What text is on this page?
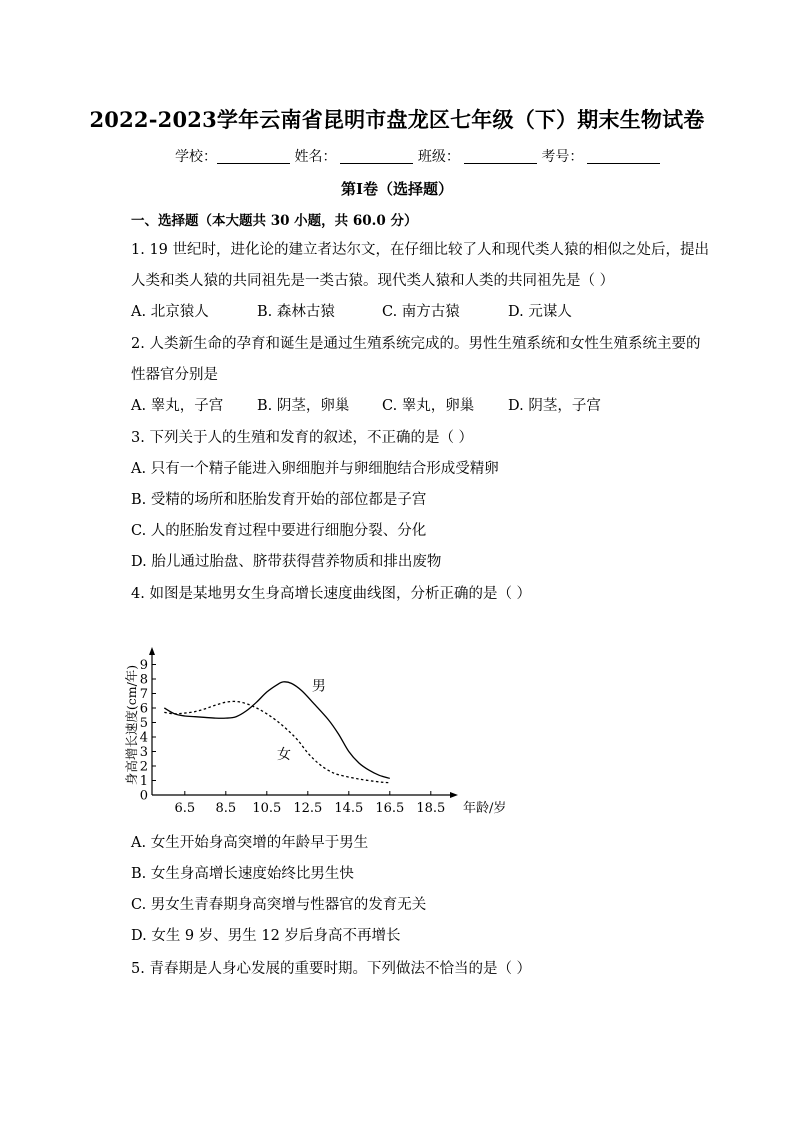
2022-2023学年云南省昆明市盘龙区七年级（下）期末生物试卷
学校：	姓名：	班级：	考号：
第Ⅰ卷（选择题）
一、选择题（本大题共 30 小题，共 60.0 分）
1. 19 世纪时，进化论的建立者达尔文，在仔细比较了人和现代类人猿的相似之处后，提出
人类和类人猿的共同祖先是一类古猿。现代类人猿和人类的共同祖先是（ ）
A. 北京猿人	B. 森林古猿	C. 南方古猿	D. 元谋人
2. 人类新生命的孕育和诞生是通过生殖系统完成的。男性生殖系统和女性生殖系统主要的
性器官分别是
A. 睾丸，子宫 B. 阴茎，卵巢 C. 睾丸，卵巢 D. 阴茎，子宫
3. 下列关于人的生殖和发育的叙述，不正确的是（ ）
A. 只有一个精子能进入卵细胞并与卵细胞结合形成受精卵
B. 受精的场所和胚胎发育开始的部位都是子宫
C. 人的胚胎发育过程中要进行细胞分裂、分化
D. 胎儿通过胎盘、脐带获得营养物质和排出废物
4. 如图是某地男女生身高增长速度曲线图，分析正确的是（ ）
0
1
2
3
4
5
6
7
8
9
6.5 8.5 10.5 12.5 14.5 16.5 18.5 年龄/岁
身高增长速度(cm/年)	男
女
A. 女生开始身高突增的年龄早于男生
B. 女生身高增长速度始终比男生快
C. 男女生青春期身高突增与性器官的发育无关
D. 女生 9 岁、男生 12 岁后身高不再增长
5. 青春期是人身心发展的重要时期。下列做法不恰当的是（ ）
